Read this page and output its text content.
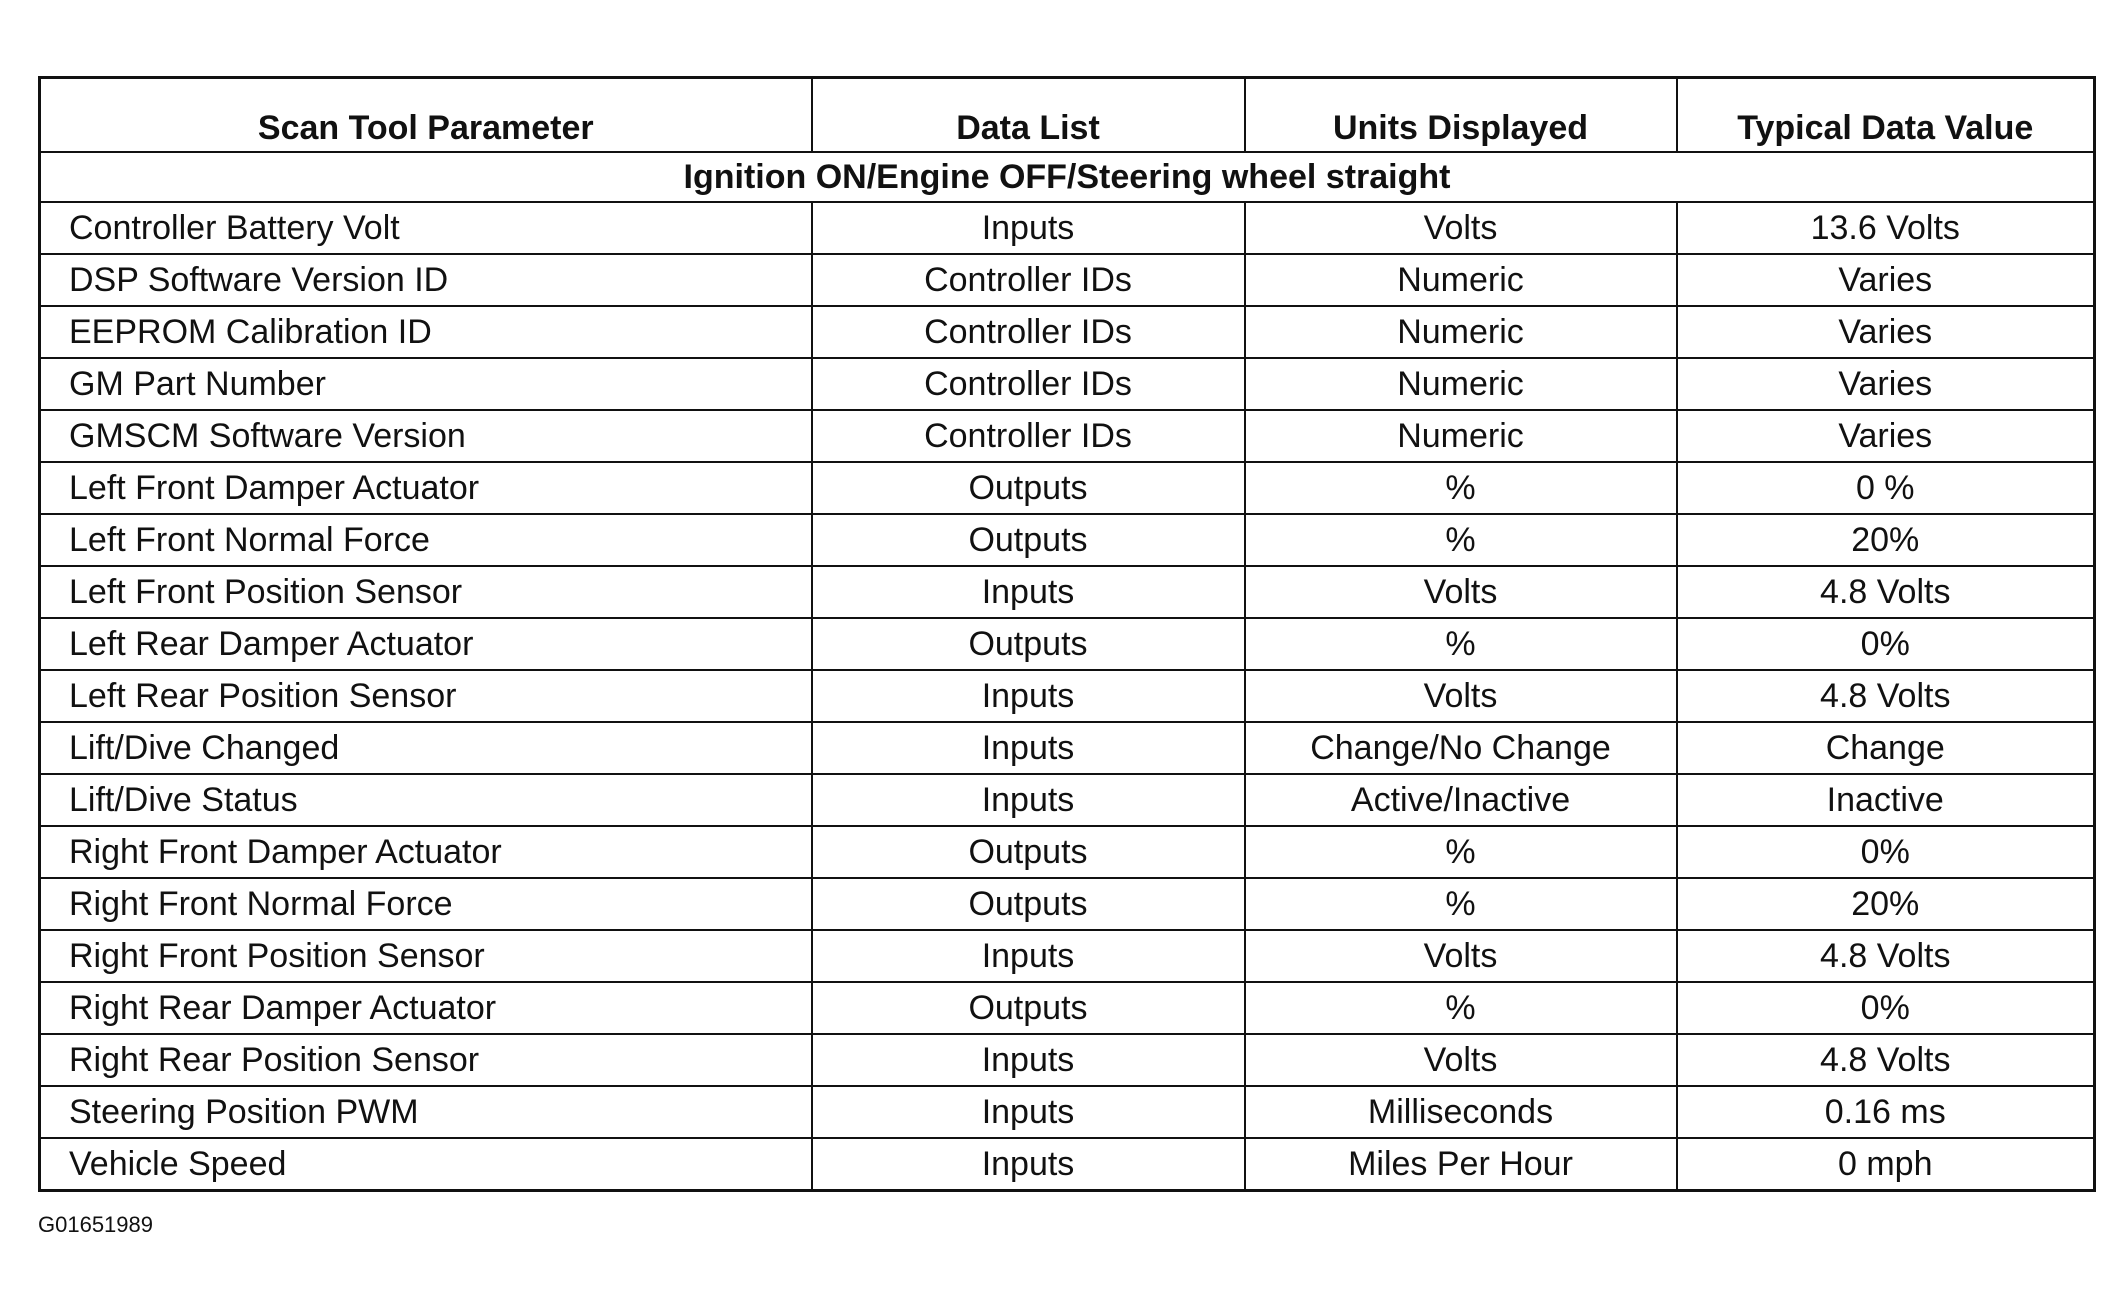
Scan Tool Parameter	Data List	Units Displayed	Typical Data Value
Ignition ON/Engine OFF/Steering wheel straight			
Controller Battery Volt	Inputs	Volts	13.6 Volts
DSP Software Version ID	Controller IDs	Numeric	Varies
EEPROM Calibration ID	Controller IDs	Numeric	Varies
GM Part Number	Controller IDs	Numeric	Varies
GMSCM Software Version	Controller IDs	Numeric	Varies
Left Front Damper Actuator	Outputs	%	0 %
Left Front Normal Force	Outputs	%	20%
Left Front Position Sensor	Inputs	Volts	4.8 Volts
Left Rear Damper Actuator	Outputs	%	0%
Left Rear Position Sensor	Inputs	Volts	4.8 Volts
Lift/Dive Changed	Inputs	Change/No Change	Change
Lift/Dive Status	Inputs	Active/Inactive	Inactive
Right Front Damper Actuator	Outputs	%	0%
Right Front Normal Force	Outputs	%	20%
Right Front Position Sensor	Inputs	Volts	4.8 Volts
Right Rear Damper Actuator	Outputs	%	0%
Right Rear Position Sensor	Inputs	Volts	4.8 Volts
Steering Position PWM	Inputs	Milliseconds	0.16 ms
Vehicle Speed	Inputs	Miles Per Hour	0 mph
G01651989
